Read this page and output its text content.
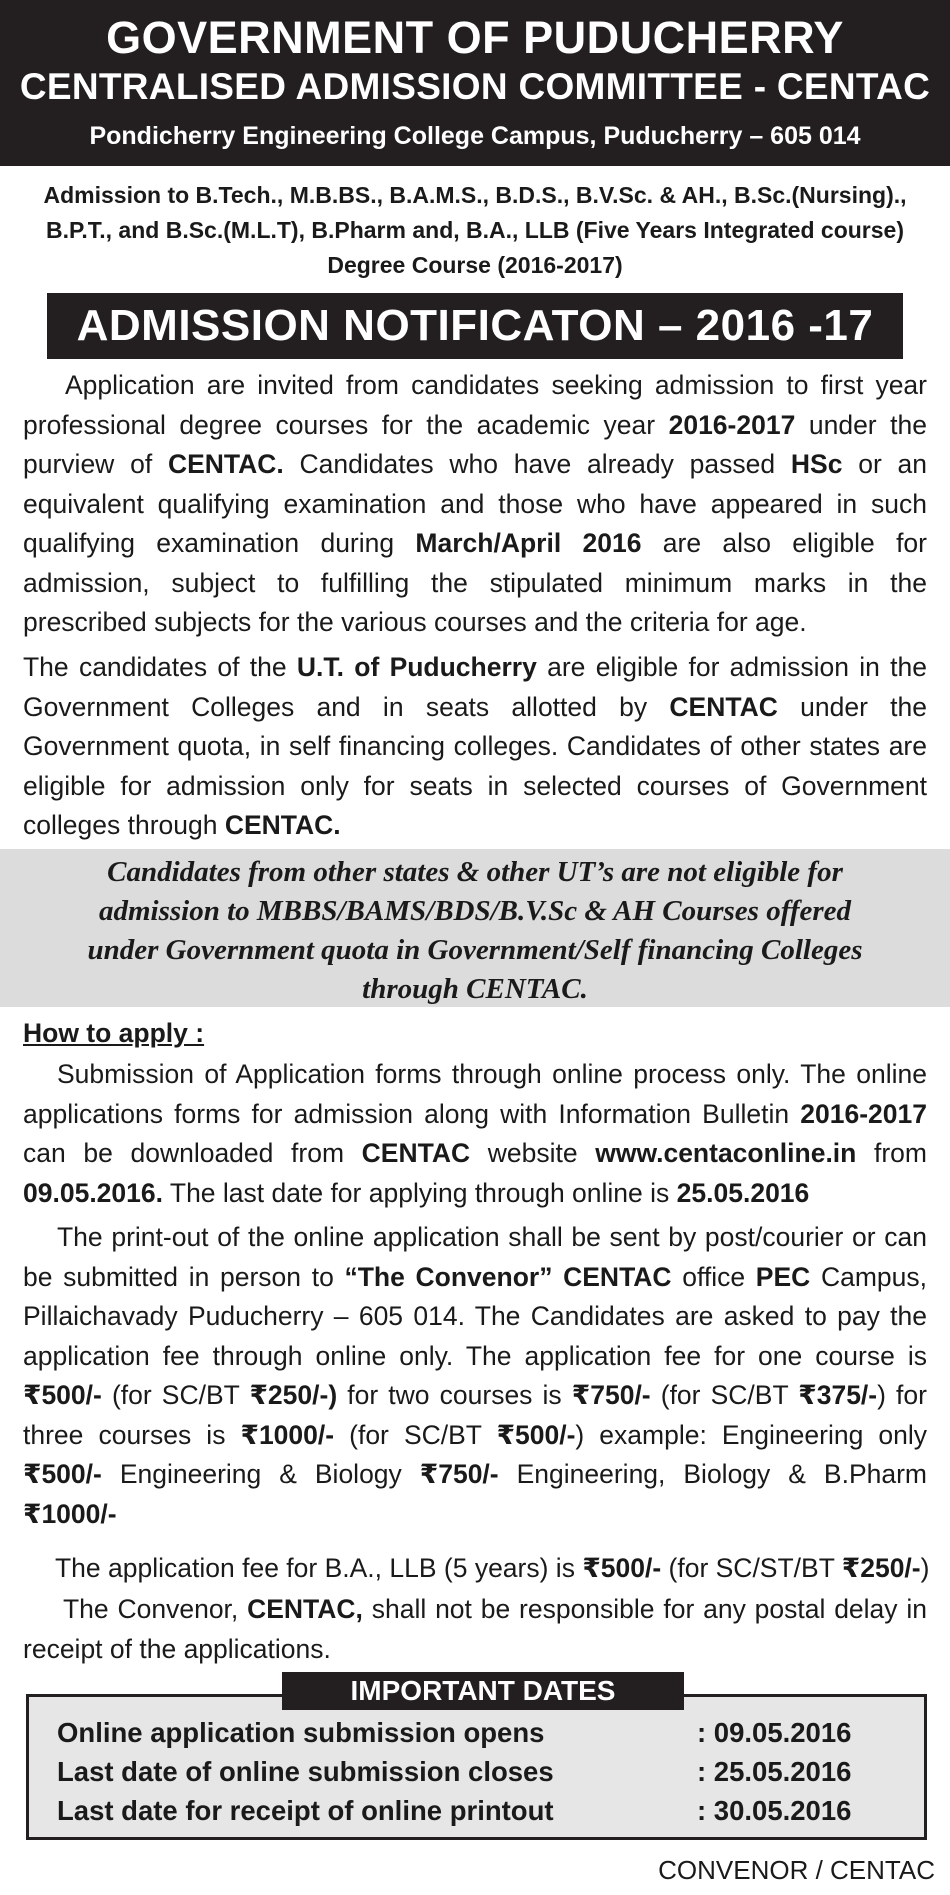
GOVERNMENT OF PUDUCHERRY
CENTRALISED ADMISSION COMMITTEE - CENTAC
Pondicherry Engineering College Campus, Puducherry – 605 014
Admission to B.Tech., M.B.BS., B.A.M.S., B.D.S., B.V.Sc. & AH., B.Sc.(Nursing).,
B.P.T., and B.Sc.(M.L.T), B.Pharm and, B.A., LLB (Five Years Integrated course)
Degree Course (2016-2017)
ADMISSION NOTIFICATON – 2016 -17
Application are invited from candidates seeking admission to first year professional degree courses for the academic year 2016-2017 under the purview of CENTAC. Candidates who have already passed HSc or an equivalent qualifying examination and those who have appeared in such qualifying examination during March/April 2016 are also eligible for admission, subject to fulfilling the stipulated minimum marks in the prescribed subjects for the various courses and the criteria for age.
The candidates of the U.T. of Puducherry are eligible for admission in the Government Colleges and in seats allotted by CENTAC under the Government quota, in self financing colleges. Candidates of other states are eligible for admission only for seats in selected courses of Government colleges through CENTAC.
Candidates from other states & other UT’s are not eligible for
admission to MBBS/BAMS/BDS/B.V.Sc & AH Courses offered
under Government quota in Government/Self financing Colleges
through CENTAC.
How to apply :
Submission of Application forms through online process only. The online applications forms for admission along with Information Bulletin 2016-2017 can be downloaded from CENTAC website www.centaconline.in from 09.05.2016. The last date for applying through online is 25.05.2016
The print-out of the online application shall be sent by post/courier or can be submitted in person to “The Convenor” CENTAC office PEC Campus, Pillaichavady Puducherry – 605 014. The Candidates are asked to pay the application fee through online only. The application fee for one course is ₹500/- (for SC/BT ₹250/-) for two courses is ₹750/- (for SC/BT ₹375/-) for three courses is ₹1000/- (for SC/BT ₹500/-) example: Engineering only ₹500/- Engineering & Biology ₹750/- Engineering, Biology & B.Pharm ₹1000/-
The application fee for B.A., LLB (5 years) is ₹500/- (for SC/ST/BT ₹250/-)
The Convenor, CENTAC, shall not be responsible for any postal delay in receipt of the applications.
IMPORTANT DATES
Online application submission opens	: 09.05.2016
Last date of online submission closes	: 25.05.2016
Last date for receipt of online printout	: 30.05.2016
CONVENOR / CENTAC
